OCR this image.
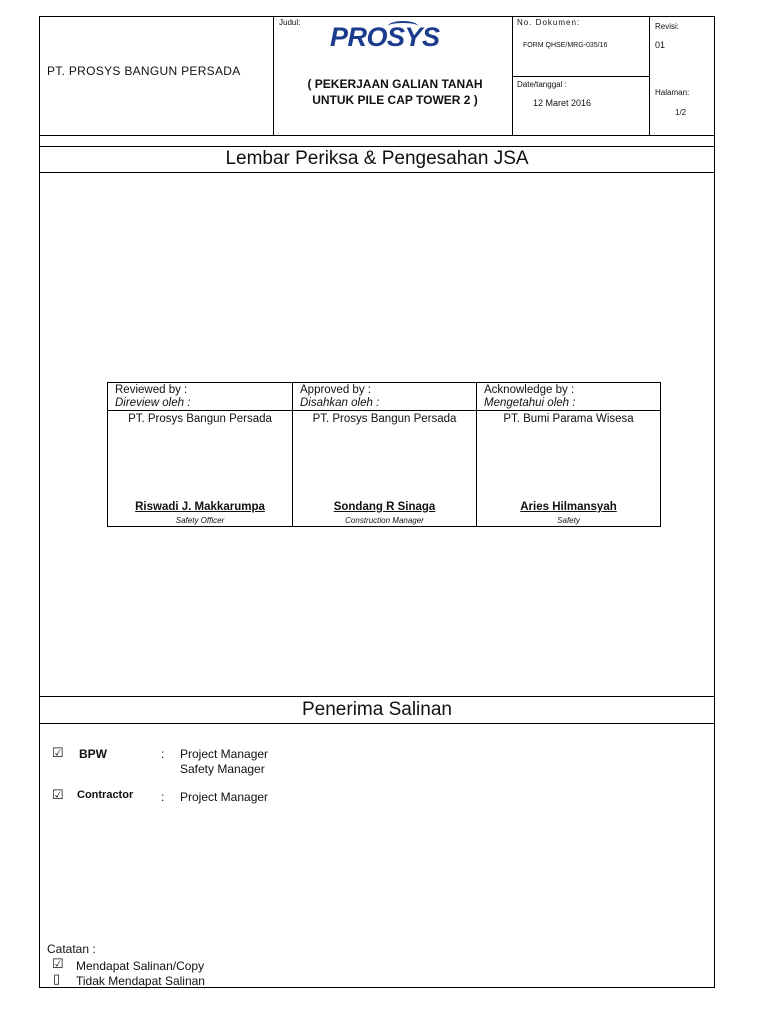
PT. PROSYS BANGUN PERSADA
Judul: PROSYS
( PEKERJAAN GALIAN TANAH
UNTUK PILE CAP TOWER 2 )
No. Dokumen:
FORM QHSE/MRG-035/16
Date/tanggal :
12 Maret 2016
Revisi:
01
Halaman:
1/2
Lembar Periksa & Pengesahan JSA
Reviewed by :
Direview oleh :
PT. Prosys Bangun Persada
Riswadi J. Makkarumpa
Safety Officer
Approved by :
Disahkan oleh :
PT. Prosys Bangun Persada
Sondang R Sinaga
Construction Manager
Acknowledge by :
Mengetahui oleh :
PT. Bumi Parama Wisesa
Aries Hilmansyah
Safety
Penerima Salinan
☑ BPW	: Project Manager
Safety Manager
☑ Contractor : Project Manager
Catatan :
☑ Mendapat Salinan/Copy
▯ Tidak Mendapat Salinan
